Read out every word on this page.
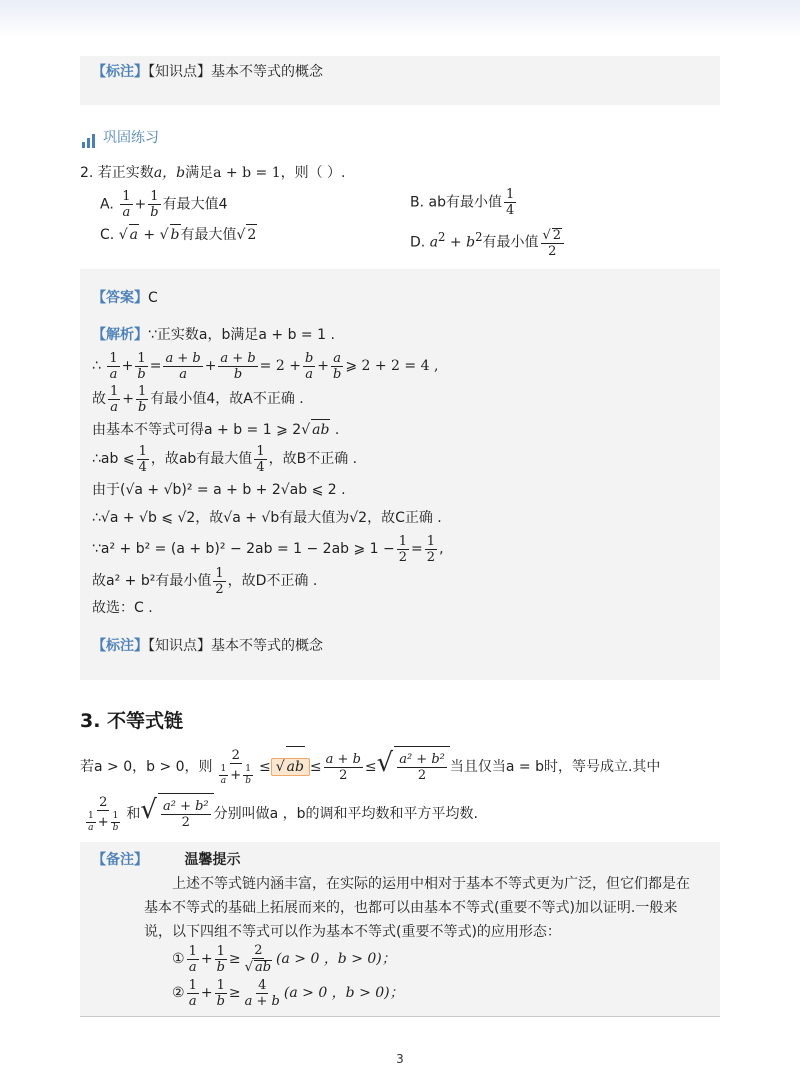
【标注】【知识点】基本不等式的概念
巩固练习
2. 若正实数a，b满足a + b = 1，则（ ）.
A. $\frac{1}{a} + \frac{1}{b}$ 有最大值4	B. ab有最小值 $\frac{1}{4}$
C. √ a + √ b有最大值√ 2	D. $a^2 + b^2$有最小值 $\frac{√ 2}{2}$
【答案】C
【解析】∵正实数a，b满足a + b = 1 .
∴ $\frac{1}{a} + \frac{1}{b} = \frac{a + b}{a} + \frac{a + b}{b} = 2 + \frac{b}{a} + \frac{a}{b}$ ⩾ 2 + 2 = 4 ,
故 $\frac{1}{a} + \frac{1}{b}$ 有最小值4，故A不正确 .
由基本不等式可得a + b = 1 ⩾ 2√ ab .
∴ab ⩽ $\frac{1}{4}$ ，故ab有最大值 $\frac{1}{4}$ ，故B不正确 .
由于(√a + √b)² = a + b + 2√ab ⩽ 2 .
∴√a + √b ⩽ √2，故√a + √b有最大值为√2，故C正确 .
∵a² + b² = (a + b)² − 2ab = 1 − 2ab ⩾ $1 - \frac{1}{2} = \frac{1}{2}$ ,
故a² + b²有最小值 $\frac{1}{2}$ ，故D不正确 .
故选：C .
【标注】【知识点】基本不等式的概念
3. 不等式链
若a > 0，b > 0，则 $\frac{2}{\frac{1}{a} + \frac{1}{b}}$ ≤ √ ab ≤ $\frac{a + b}{2}$ ≤√ $\frac{\text{a² + b²}}{2}$ 当且仅当a = b时，等号成立.其中
$\frac{2}{\frac{1}{a} + \frac{1}{b}}$ 和√ $\frac{\text{a² + b²}}{2}$ 分别叫做a ，b的调和平均数和平方平均数.
【备注】	温馨提示
上述不等式链内涵丰富，在实际的运用中相对于基本不等式更为广泛，但它们都是在
基本不等式的基础上拓展而来的，也都可以由基本不等式(重要不等式)加以证明.一般来
说，以下四组不等式可以作为基本不等式(重要不等式)的应用形态：
① $\frac{1}{a} + \frac{1}{b} \ge \frac{2}{√ ab} (a > 0$ ，b > 0)；
② $\frac{1}{a} + \frac{1}{b} \ge \frac{4}{a + b} (a > 0$ ，b > 0)；
3
